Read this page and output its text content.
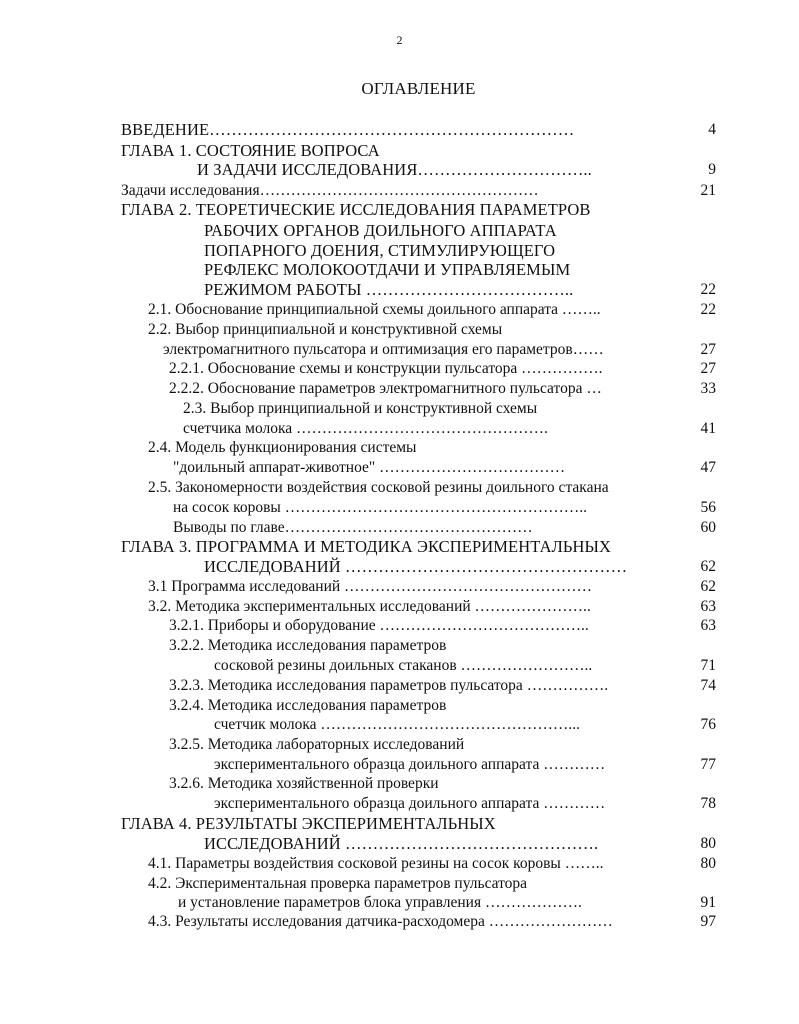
2
ОГЛАВЛЕНИЕ
ВВЕДЕНИЕ…………………………………………………………	4
ГЛАВА 1. СОСТОЯНИЕ ВОПРОСА
И ЗАДАЧИ ИССЛЕДОВАНИЯ…………………………..	9
Задачи исследования………………………………………………	21
ГЛАВА 2. ТЕОРЕТИЧЕСКИЕ ИССЛЕДОВАНИЯ ПАРАМЕТРОВ
РАБОЧИХ ОРГАНОВ ДОИЛЬНОГО АППАРАТА
ПОПАРНОГО ДОЕНИЯ, СТИМУЛИРУЮЩЕГО
РЕФЛЕКС МОЛОКООТДАЧИ И УПРАВЛЯЕМЫМ
РЕЖИМОМ РАБОТЫ ………………………………..	22
2.1. Обоснование принципиальной схемы доильного аппарата ……..	22
2.2. Выбор принципиальной и конструктивной схемы
электромагнитного пульсатора и оптимизация его параметров……	27
2.2.1. Обоснование схемы и конструкции пульсатора …………….	27
2.2.2. Обоснование параметров электромагнитного пульсатора …	33
2.3. Выбор принципиальной и конструктивной схемы
счетчика молока ………………………………………….	41
2.4. Модель функционирования системы
"доильный аппарат-животное" ………………………………	47
2.5. Закономерности воздействия сосковой резины доильного стакана
на сосок коровы …………………………………………………..	56
Выводы по главе…………………………………………	60
ГЛАВА 3. ПРОГРАММА И МЕТОДИКА ЭКСПЕРИМЕНТАЛЬНЫХ
ИССЛЕДОВАНИЙ ……………………………………………	62
3.1 Программа исследований …………………………………………	62
3.2. Методика экспериментальных исследований …………………..	63
3.2.1. Приборы и оборудование …………………………………..	63
3.2.2. Методика исследования параметров
сосковой резины доильных стаканов ……………………..	71
3.2.3. Методика исследования параметров пульсатора …………….	74
3.2.4. Методика исследования параметров
счетчик молока …………………………………………...	76
3.2.5. Методика лабораторных исследований
экспериментального образца доильного аппарата …………	77
3.2.6. Методика хозяйственной проверки
экспериментального образца доильного аппарата …………	78
ГЛАВА 4. РЕЗУЛЬТАТЫ ЭКСПЕРИМЕНТАЛЬНЫХ
ИССЛЕДОВАНИЙ ……………………………………….	80
4.1. Параметры воздействия сосковой резины на сосок коровы ……..	80
4.2. Экспериментальная проверка параметров пульсатора
и установление параметров блока управления ……………….	91
4.3. Результаты исследования датчика-расходомера ……………………	97
